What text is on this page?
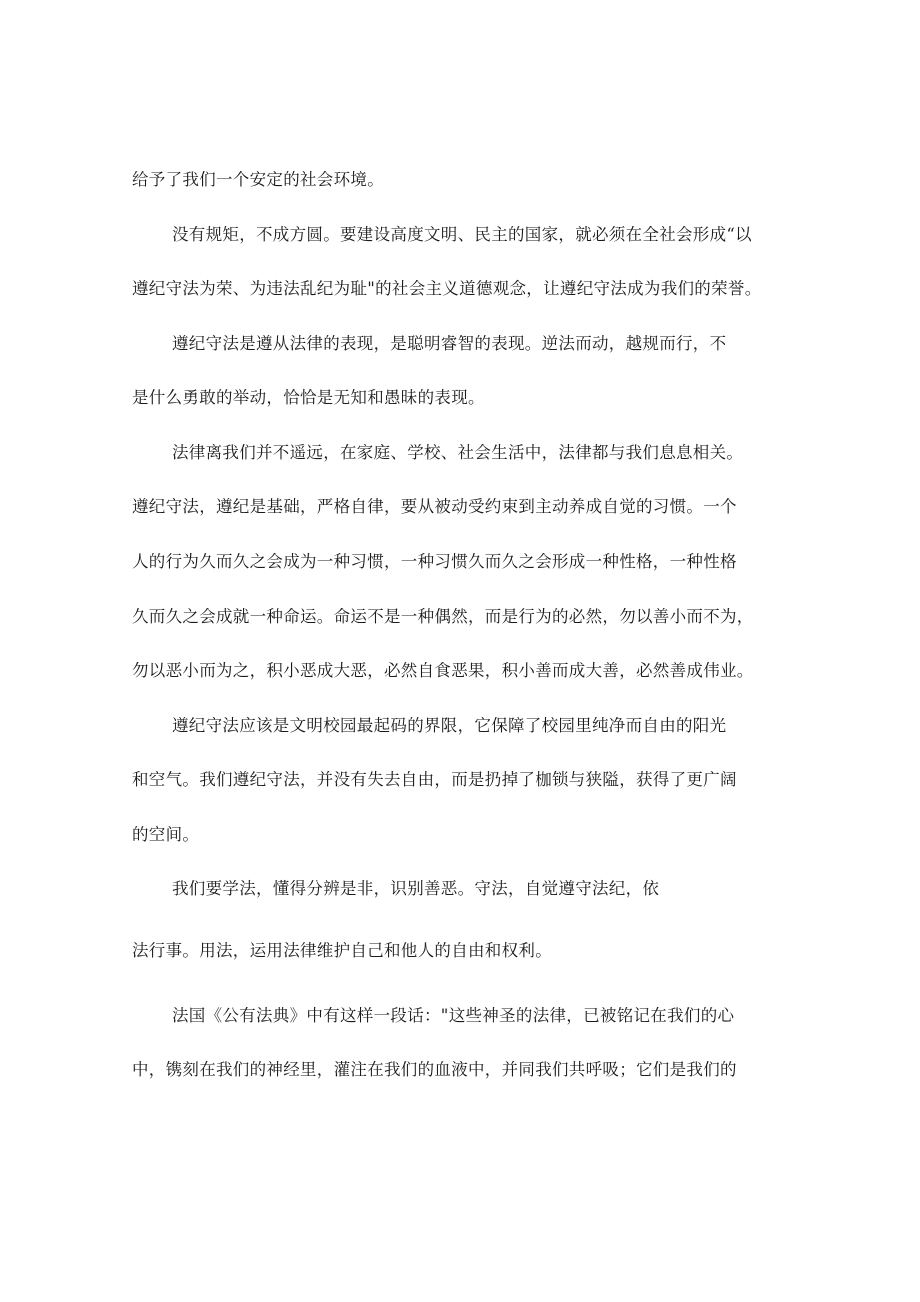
给予了我们一个安定的社会环境。
没有规矩，不成方圆。要建设高度文明、民主的国家，就必须在全社会形成“以
遵纪守法为荣、为违法乱纪为耻"的社会主义道德观念，让遵纪守法成为我们的荣誉。
遵纪守法是遵从法律的表现，是聪明睿智的表现。逆法而动，越规而行，不
是什么勇敢的举动，恰恰是无知和愚昧的表现。
法律离我们并不遥远，在家庭、学校、社会生活中，法律都与我们息息相关。
遵纪守法，遵纪是基础，严格自律，要从被动受约束到主动养成自觉的习惯。一个
人的行为久而久之会成为一种习惯，一种习惯久而久之会形成一种性格，一种性格
久而久之会成就一种命运。命运不是一种偶然，而是行为的必然，勿以善小而不为，
勿以恶小而为之，积小恶成大恶，必然自食恶果，积小善而成大善，必然善成伟业。
遵纪守法应该是文明校园最起码的界限，它保障了校园里纯净而自由的阳光
和空气。我们遵纪守法，并没有失去自由，而是扔掉了枷锁与狭隘，获得了更广阔
的空间。
我们要学法，懂得分辨是非，识别善恶。守法，自觉遵守法纪，依
法行事。用法，运用法律维护自己和他人的自由和权利。
法国《公有法典》中有这样一段话："这些神圣的法律，已被铭记在我们的心
中，镌刻在我们的神经里，灌注在我们的血液中，并同我们共呼吸；它们是我们的
